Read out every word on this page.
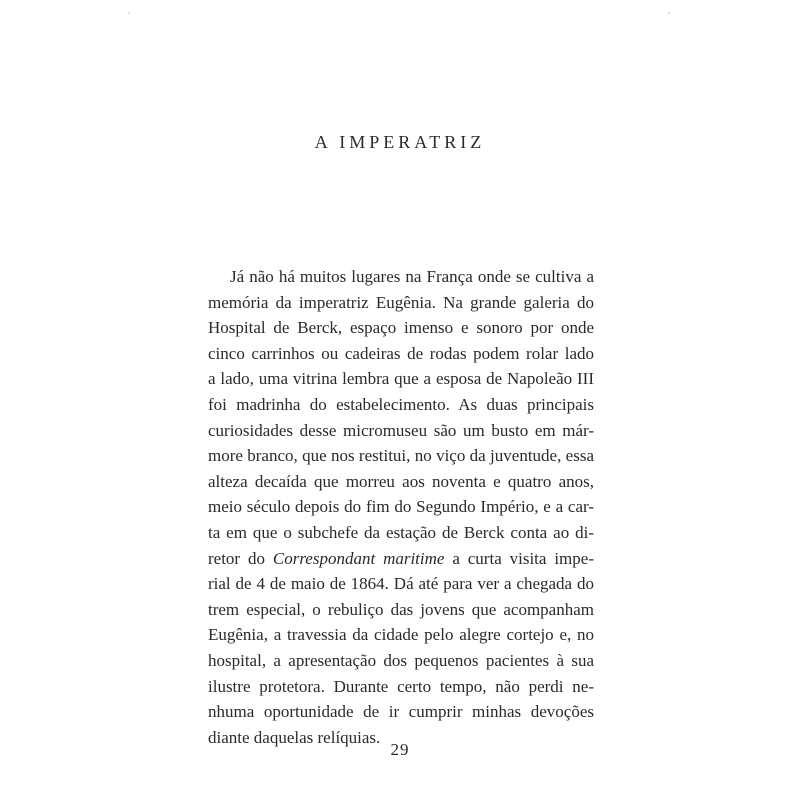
A IMPERATRIZ
Já não há muitos lugares na França onde se cultiva a
memória da imperatriz Eugênia. Na grande galeria do
Hospital de Berck, espaço imenso e sonoro por onde
cinco carrinhos ou cadeiras de rodas podem rolar lado
a lado, uma vitrina lembra que a esposa de Napoleão III
foi madrinha do estabelecimento. As duas principais
curiosidades desse micromuseu são um busto em már-
more branco, que nos restitui, no viço da juventude, essa
alteza decaída que morreu aos noventa e quatro anos,
meio século depois do fim do Segundo Império, e a car-
ta em que o subchefe da estação de Berck conta ao di-
retor do Correspondant maritime a curta visita impe-
rial de 4 de maio de 1864. Dá até para ver a chegada do
trem especial, o rebuliço das jovens que acompanham
Eugênia, a travessia da cidade pelo alegre cortejo e, no
hospital, a apresentação dos pequenos pacientes à sua
ilustre protetora. Durante certo tempo, não perdi ne-
nhuma oportunidade de ir cumprir minhas devoções
diante daquelas relíquias.
29
